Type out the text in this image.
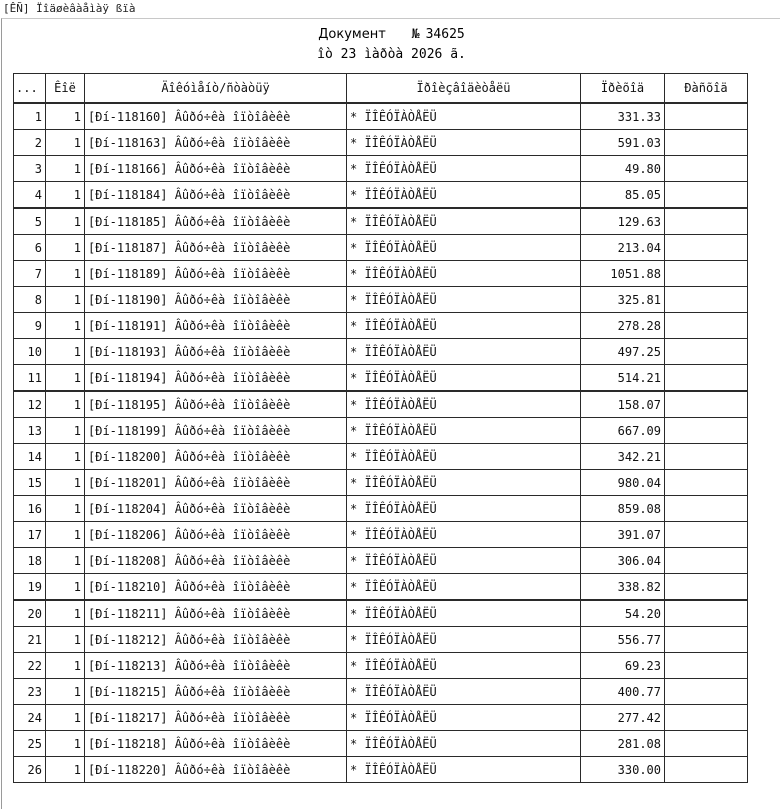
[ÊÑ] Ïîäøèâàåìàÿ ßïà
Документ № 34625
îò 23 ìàðòà 2026 ã.
...	Êîë	Äîêóìåíò/ñòàòüÿ	Ïðîèçâîäèòåëü	Ïðèõîä	Ðàñõîä
1	1	[Ðí-118160] Âûðó÷êà îïòîâèêè	* ÏÎÊÓÏÀÒÅËÜ	331.33	
2	1	[Ðí-118163] Âûðó÷êà îïòîâèêè	* ÏÎÊÓÏÀÒÅËÜ	591.03	
3	1	[Ðí-118166] Âûðó÷êà îïòîâèêè	* ÏÎÊÓÏÀÒÅËÜ	49.80	
4	1	[Ðí-118184] Âûðó÷êà îïòîâèêè	* ÏÎÊÓÏÀÒÅËÜ	85.05	
5	1	[Ðí-118185] Âûðó÷êà îïòîâèêè	* ÏÎÊÓÏÀÒÅËÜ	129.63	
6	1	[Ðí-118187] Âûðó÷êà îïòîâèêè	* ÏÎÊÓÏÀÒÅËÜ	213.04	
7	1	[Ðí-118189] Âûðó÷êà îïòîâèêè	* ÏÎÊÓÏÀÒÅËÜ	1051.88	
8	1	[Ðí-118190] Âûðó÷êà îïòîâèêè	* ÏÎÊÓÏÀÒÅËÜ	325.81	
9	1	[Ðí-118191] Âûðó÷êà îïòîâèêè	* ÏÎÊÓÏÀÒÅËÜ	278.28	
10	1	[Ðí-118193] Âûðó÷êà îïòîâèêè	* ÏÎÊÓÏÀÒÅËÜ	497.25	
11	1	[Ðí-118194] Âûðó÷êà îïòîâèêè	* ÏÎÊÓÏÀÒÅËÜ	514.21	
12	1	[Ðí-118195] Âûðó÷êà îïòîâèêè	* ÏÎÊÓÏÀÒÅËÜ	158.07	
13	1	[Ðí-118199] Âûðó÷êà îïòîâèêè	* ÏÎÊÓÏÀÒÅËÜ	667.09	
14	1	[Ðí-118200] Âûðó÷êà îïòîâèêè	* ÏÎÊÓÏÀÒÅËÜ	342.21	
15	1	[Ðí-118201] Âûðó÷êà îïòîâèêè	* ÏÎÊÓÏÀÒÅËÜ	980.04	
16	1	[Ðí-118204] Âûðó÷êà îïòîâèêè	* ÏÎÊÓÏÀÒÅËÜ	859.08	
17	1	[Ðí-118206] Âûðó÷êà îïòîâèêè	* ÏÎÊÓÏÀÒÅËÜ	391.07	
18	1	[Ðí-118208] Âûðó÷êà îïòîâèêè	* ÏÎÊÓÏÀÒÅËÜ	306.04	
19	1	[Ðí-118210] Âûðó÷êà îïòîâèêè	* ÏÎÊÓÏÀÒÅËÜ	338.82	
20	1	[Ðí-118211] Âûðó÷êà îïòîâèêè	* ÏÎÊÓÏÀÒÅËÜ	54.20	
21	1	[Ðí-118212] Âûðó÷êà îïòîâèêè	* ÏÎÊÓÏÀÒÅËÜ	556.77	
22	1	[Ðí-118213] Âûðó÷êà îïòîâèêè	* ÏÎÊÓÏÀÒÅËÜ	69.23	
23	1	[Ðí-118215] Âûðó÷êà îïòîâèêè	* ÏÎÊÓÏÀÒÅËÜ	400.77	
24	1	[Ðí-118217] Âûðó÷êà îïòîâèêè	* ÏÎÊÓÏÀÒÅËÜ	277.42	
25	1	[Ðí-118218] Âûðó÷êà îïòîâèêè	* ÏÎÊÓÏÀÒÅËÜ	281.08	
26	1	[Ðí-118220] Âûðó÷êà îïòîâèêè	* ÏÎÊÓÏÀÒÅËÜ	330.00	
